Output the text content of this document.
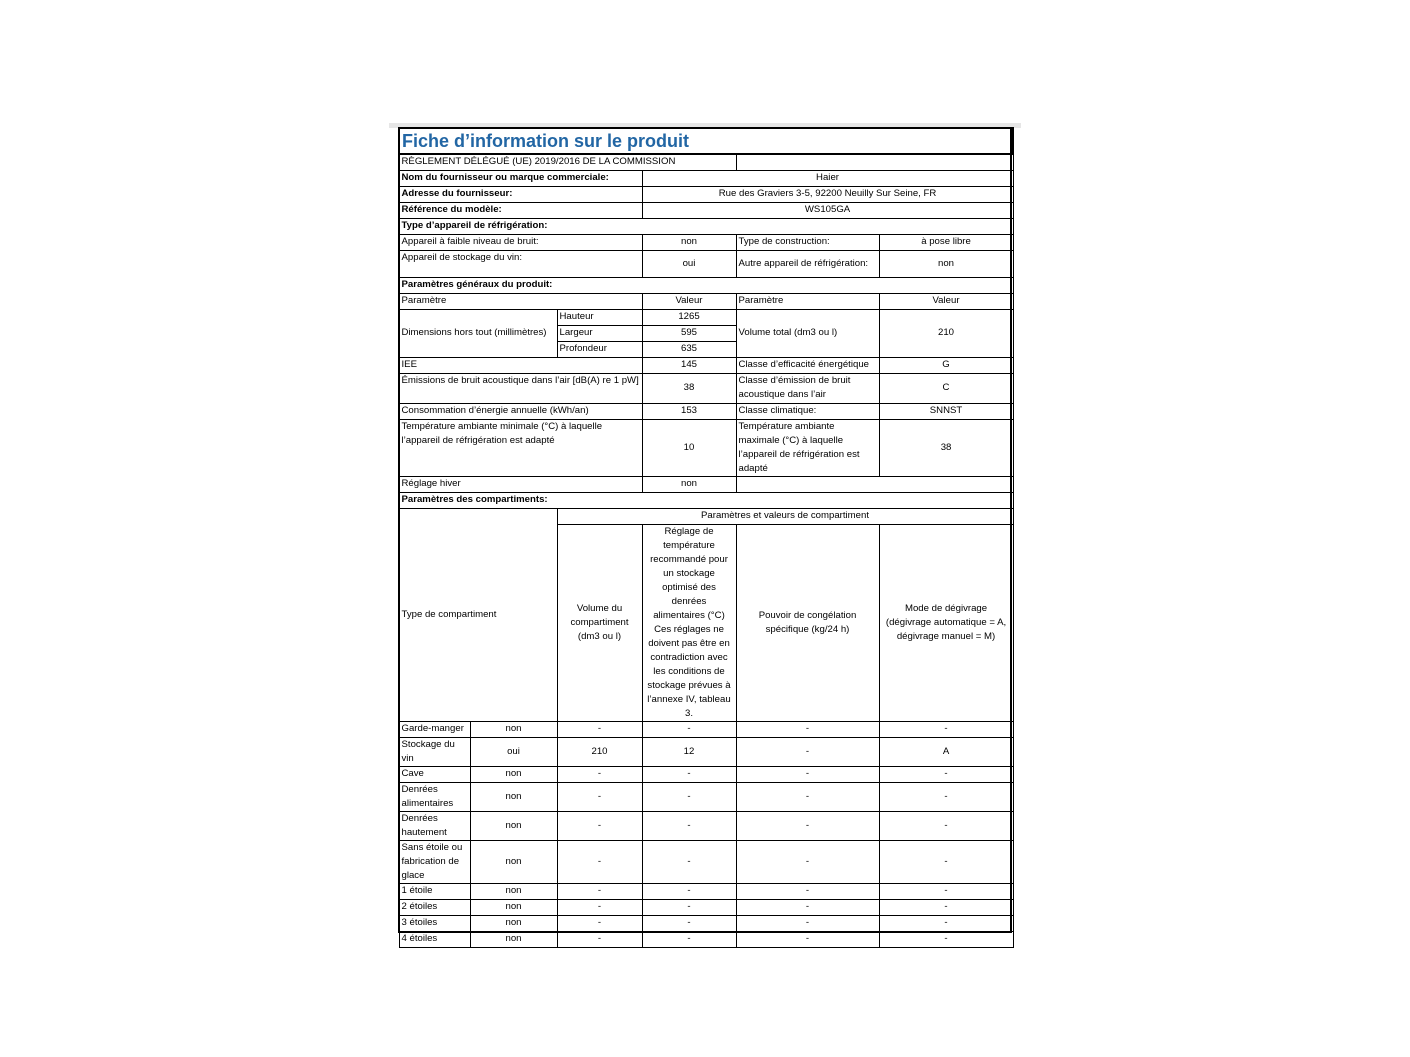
Fiche d’information sur le produit					
RÈGLEMENT DÉLÉGUÉ (UE) 2019/2016 DE LA COMMISSION					
Nom du fournisseur ou marque commerciale:			Haier		
Adresse du fournisseur:			Rue des Graviers 3-5, 92200 Neuilly Sur Seine, FR		
Référence du modèle:			WS105GA		
Type d’appareil de réfrigération:					
Appareil à faible niveau de bruit:			non	Type de construction:	à pose libre
Appareil de stockage du vin:			oui	Autre appareil de réfrigération:	non
Paramètres généraux du produit:					
Paramètre			Valeur	Paramètre	Valeur
Dimensions hors tout (millimètres)		Hauteur	1265	Volume total (dm3 ou l)	210
		Largeur	595		
		Profondeur	635		
IEE			145	Classe d’efficacité énergétique	G
Émissions de bruit acoustique dans l’air [dB(A) re 1 pW]			38	Classe d’émission de bruit acoustique dans l’air	C
Consommation d’énergie annuelle (kWh/an)			153	Classe climatique:	SNNST
Température ambiante minimale (°C) à laquelle l’appareil de réfrigération est adapté			10	Température ambiante maximale (°C) à laquelle l’appareil de réfrigération est adapté	38
Réglage hiver			non		
Paramètres des compartiments:					
Type de compartiment		Paramètres et valeurs de compartiment			
		Volume du compartiment (dm3 ou l)	Réglage de température recommandé pour un stockage optimisé des denrées alimentaires (°C) Ces réglages ne doivent pas être en contradiction avec les conditions de stockage prévues à l’annexe IV, tableau 3.	Pouvoir de congélation spécifique (kg/24 h)	Mode de dégivrage (dégivrage automatique = A, dégivrage manuel = M)
Garde-manger	non	-	-	-	-
Stockage du vin	oui	210	12	-	A
Cave	non	-	-	-	-
Denrées alimentaires	non	-	-	-	-
Denrées hautement	non	-	-	-	-
Sans étoile ou fabrication de glace	non	-	-	-	-
1 étoile	non	-	-	-	-
2 étoiles	non	-	-	-	-
3 étoiles	non	-	-	-	-
4 étoiles	non	-	-	-	-
